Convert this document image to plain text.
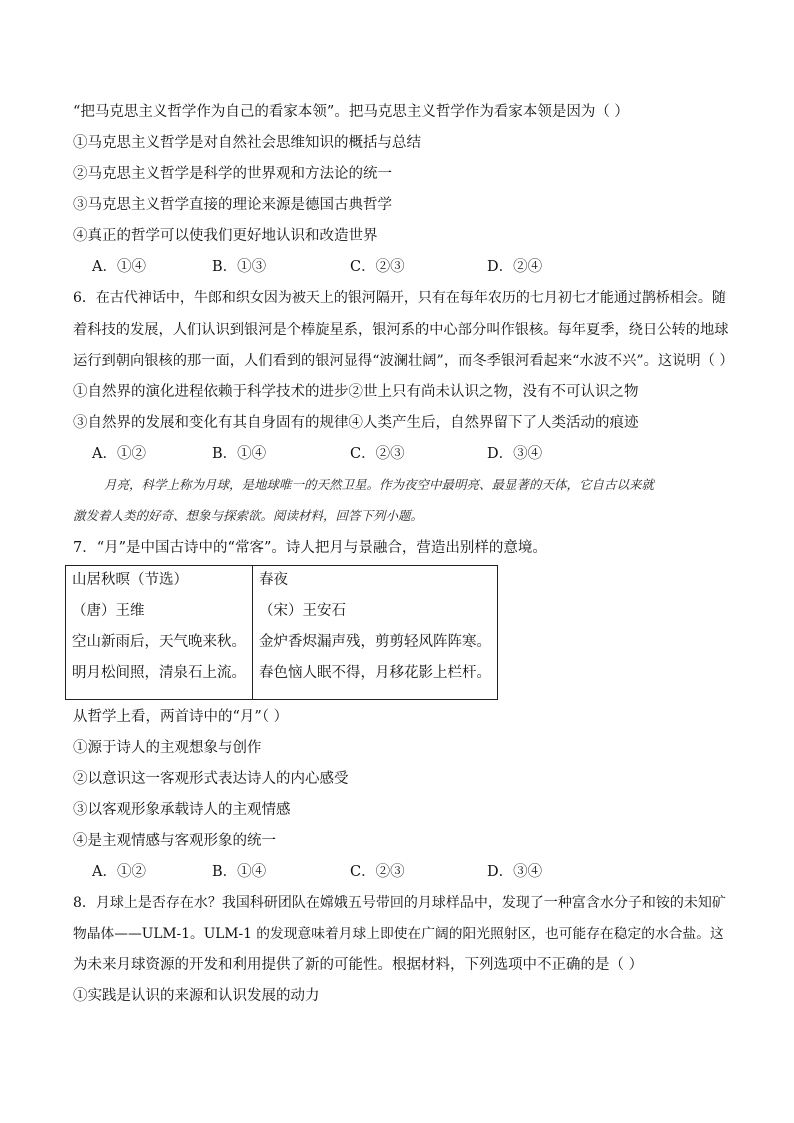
“把马克思主义哲学作为自己的看家本领”。把马克思主义哲学作为看家本领是因为（ ）
①马克思主义哲学是对自然社会思维知识的概括与总结
②马克思主义哲学是科学的世界观和方法论的统一
③马克思主义哲学直接的理论来源是德国古典哲学
④真正的哲学可以使我们更好地认识和改造世界
A．①④	B．①③	C．②③	D．②④
6．在古代神话中，牛郎和织女因为被天上的银河隔开，只有在每年农历的七月初七才能通过鹊桥相会。随
着科技的发展，人们认识到银河是个棒旋星系，银河系的中心部分叫作银核。每年夏季，绕日公转的地球
运行到朝向银核的那一面，人们看到的银河显得“波澜壮阔”，而冬季银河看起来“水波不兴”。这说明（ ）
①自然界的演化进程依赖于科学技术的进步②世上只有尚未认识之物，没有不可认识之物
③自然界的发展和变化有其自身固有的规律④人类产生后，自然界留下了人类活动的痕迹
A．①②	B．①④	C．②③	D．③④
月亮，科学上称为月球，是地球唯一的天然卫星。作为夜空中最明亮、最显著的天体，它自古以来就
激发着人类的好奇、想象与探索欲。阅读材料，回答下列小题。
7．“月”是中国古诗中的“常客”。诗人把月与景融合，营造出别样的意境。
山居秋暝（节选）
（唐）王维
空山新雨后，天气晚来秋。
明月松间照，清泉石上流。

春夜
（宋）王安石
金炉香烬漏声残，剪剪轻风阵阵寒。
春色恼人眠不得，月移花影上栏杆。
从哲学上看，两首诗中的“月”（ ）
①源于诗人的主观想象与创作
②以意识这一客观形式表达诗人的内心感受
③以客观形象承载诗人的主观情感
④是主观情感与客观形象的统一
A．①②	B．①④	C．②③	D．③④
8．月球上是否存在水？我国科研团队在嫦娥五号带回的月球样品中，发现了一种富含水分子和铵的未知矿
物晶体——ULM-1。ULM-1 的发现意味着月球上即使在广阔的阳光照射区，也可能存在稳定的水合盐。这
为未来月球资源的开发和利用提供了新的可能性。根据材料，下列选项中不正确的是（ ）
①实践是认识的来源和认识发展的动力
